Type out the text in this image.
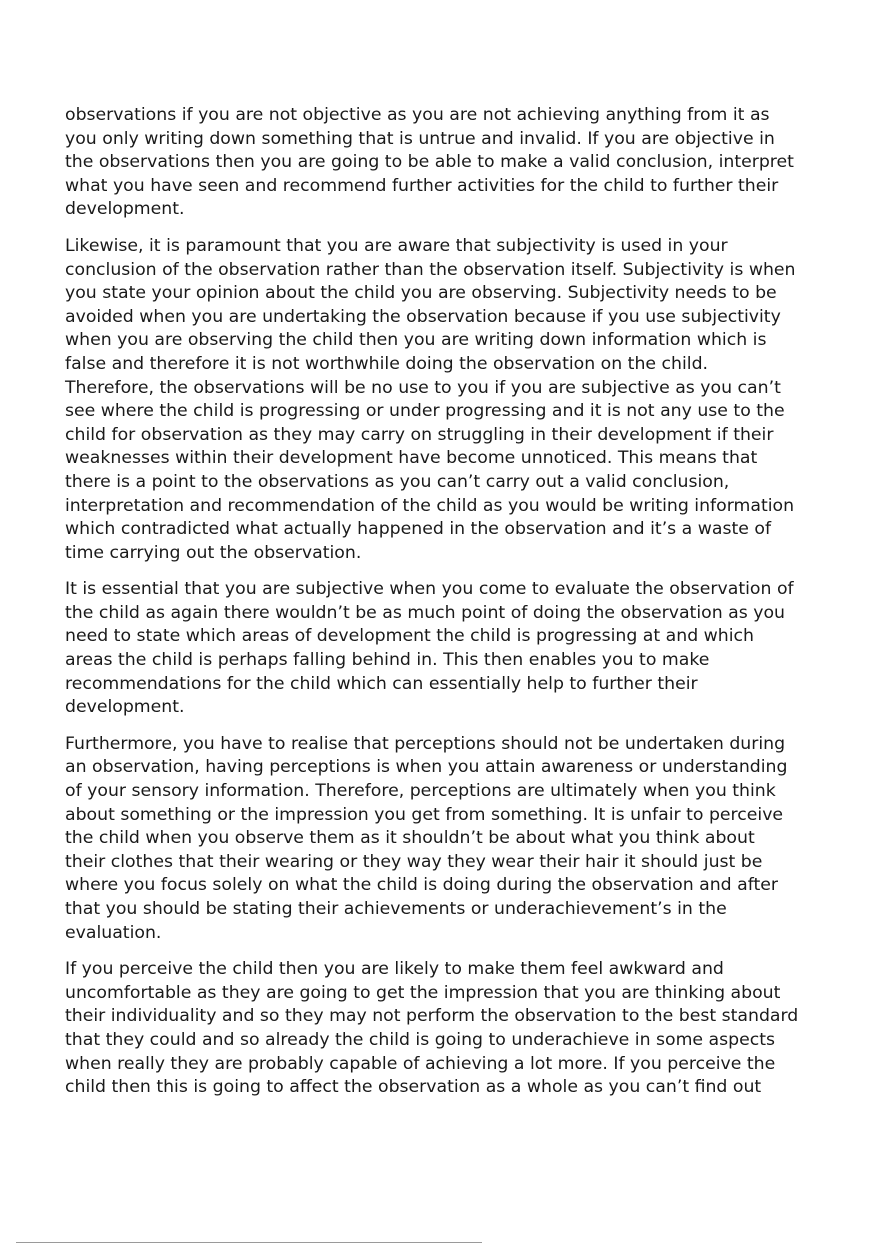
observations if you are not objective as you are not achieving anything from it as
you only writing down something that is untrue and invalid. If you are objective in
the observations then you are going to be able to make a valid conclusion, interpret
what you have seen and recommend further activities for the child to further their
development.

Likewise, it is paramount that you are aware that subjectivity is used in your
conclusion of the observation rather than the observation itself. Subjectivity is when
you state your opinion about the child you are observing. Subjectivity needs to be
avoided when you are undertaking the observation because if you use subjectivity
when you are observing the child then you are writing down information which is
false and therefore it is not worthwhile doing the observation on the child.
Therefore, the observations will be no use to you if you are subjective as you can’t
see where the child is progressing or under progressing and it is not any use to the
child for observation as they may carry on struggling in their development if their
weaknesses within their development have become unnoticed. This means that
there is a point to the observations as you can’t carry out a valid conclusion,
interpretation and recommendation of the child as you would be writing information
which contradicted what actually happened in the observation and it’s a waste of
time carrying out the observation.

It is essential that you are subjective when you come to evaluate the observation of
the child as again there wouldn’t be as much point of doing the observation as you
need to state which areas of development the child is progressing at and which
areas the child is perhaps falling behind in. This then enables you to make
recommendations for the child which can essentially help to further their
development.

Furthermore, you have to realise that perceptions should not be undertaken during
an observation, having perceptions is when you attain awareness or understanding
of your sensory information. Therefore, perceptions are ultimately when you think
about something or the impression you get from something. It is unfair to perceive
the child when you observe them as it shouldn’t be about what you think about
their clothes that their wearing or they way they wear their hair it should just be
where you focus solely on what the child is doing during the observation and after
that you should be stating their achievements or underachievement’s in the
evaluation.

If you perceive the child then you are likely to make them feel awkward and
uncomfortable as they are going to get the impression that you are thinking about
their individuality and so they may not perform the observation to the best standard
that they could and so already the child is going to underachieve in some aspects
when really they are probably capable of achieving a lot more. If you perceive the
child then this is going to affect the observation as a whole as you can’t find out
